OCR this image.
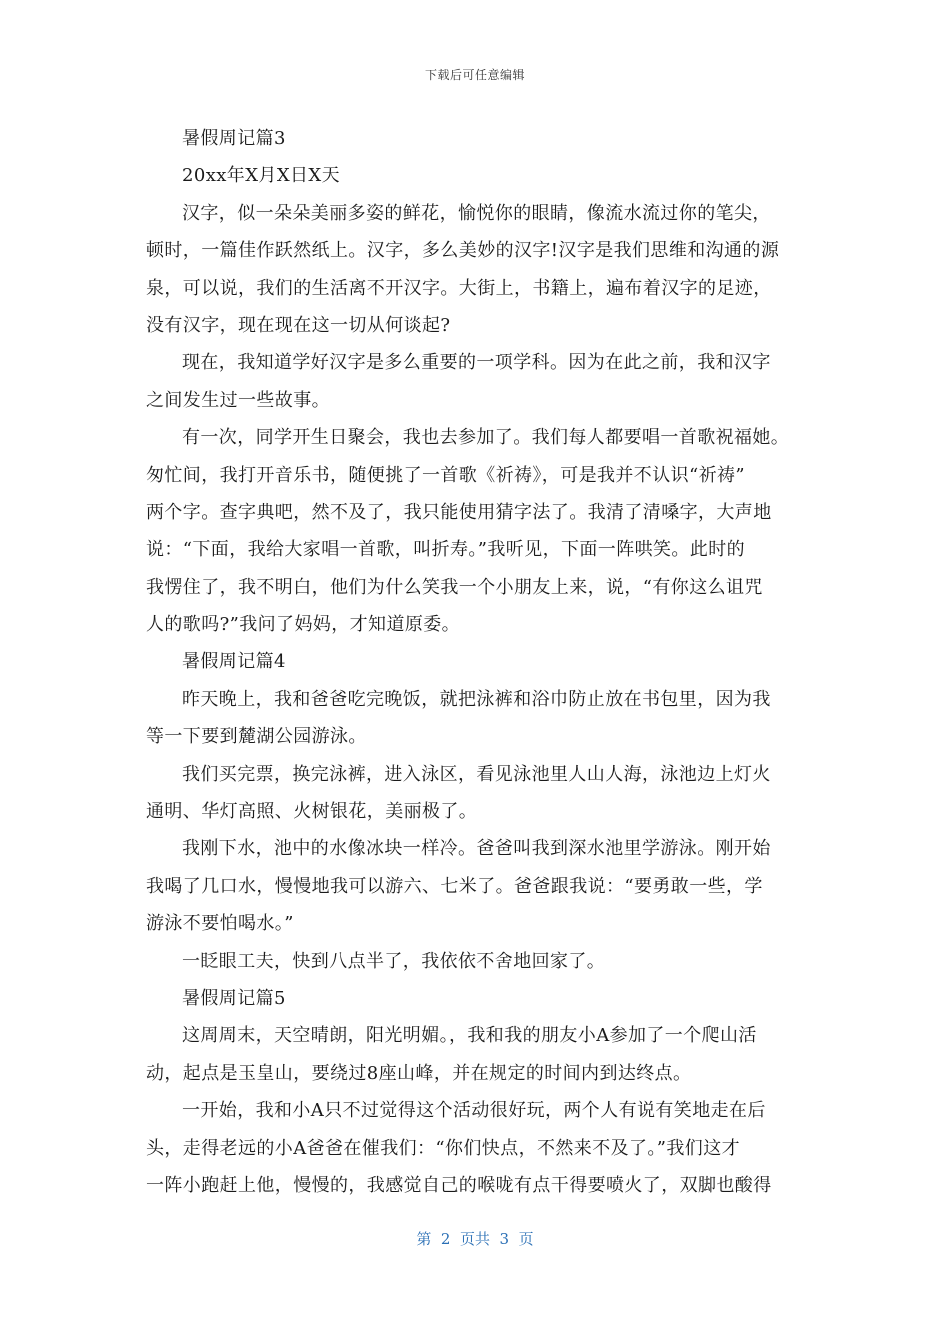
下载后可任意编辑
暑假周记篇3
20xx年X月X日X天
汉字，似一朵朵美丽多姿的鲜花，愉悦你的眼睛，像流水流过你的笔尖，
顿时，一篇佳作跃然纸上。汉字，多么美妙的汉字!汉字是我们思维和沟通的源
泉，可以说，我们的生活离不开汉字。大街上，书籍上，遍布着汉字的足迹，
没有汉字，现在现在这一切从何谈起?
现在，我知道学好汉字是多么重要的一项学科。因为在此之前，我和汉字
之间发生过一些故事。
有一次，同学开生日聚会，我也去参加了。我们每人都要唱一首歌祝福她。
匆忙间，我打开音乐书，随便挑了一首歌《祈祷》，可是我并不认识“祈祷”
两个字。查字典吧，然不及了，我只能使用猜字法了。我清了清嗓字，大声地
说：“下面，我给大家唱一首歌，叫折寿。”我听见，下面一阵哄笑。此时的
我愣住了，我不明白，他们为什么笑我一个小朋友上来，说，“有你这么诅咒
人的歌吗?”我问了妈妈，才知道原委。
暑假周记篇4
昨天晚上，我和爸爸吃完晚饭，就把泳裤和浴巾防止放在书包里，因为我
等一下要到麓湖公园游泳。
我们买完票，换完泳裤，进入泳区，看见泳池里人山人海，泳池边上灯火
通明、华灯高照、火树银花，美丽极了。
我刚下水，池中的水像冰块一样冷。爸爸叫我到深水池里学游泳。刚开始
我喝了几口水，慢慢地我可以游六、七米了。爸爸跟我说：“要勇敢一些，学
游泳不要怕喝水。”
一眨眼工夫，快到八点半了，我依依不舍地回家了。
暑假周记篇5
这周周末，天空晴朗，阳光明媚。，我和我的朋友小A参加了一个爬山活
动，起点是玉皇山，要绕过8座山峰，并在规定的时间内到达终点。
一开始，我和小A只不过觉得这个活动很好玩，两个人有说有笑地走在后
头，走得老远的小A爸爸在催我们：“你们快点，不然来不及了。”我们这才
一阵小跑赶上他，慢慢的，我感觉自己的喉咙有点干得要喷火了，双脚也酸得
第  2  页共  3  页
